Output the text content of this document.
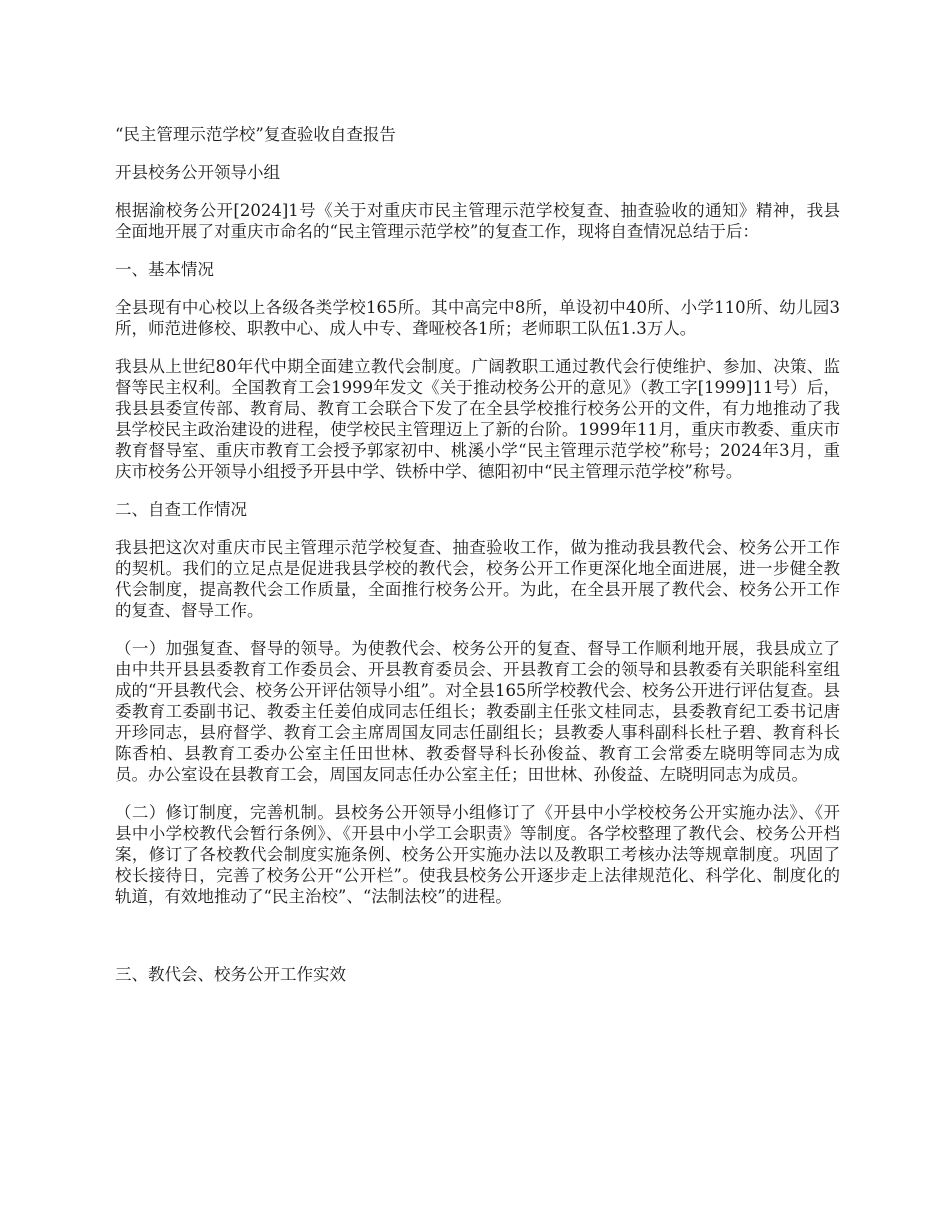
“民主管理示范学校”复查验收自查报告

开县校务公开领导小组

根据渝校务公开[2024]1号《关于对重庆市民主管理示范学校复查、抽查验收的通知》精神，我县全面地开展了对重庆市命名的“民主管理示范学校”的复查工作，现将自查情况总结于后：

一、基本情况

全县现有中心校以上各级各类学校165所。其中高完中8所，单设初中40所、小学110所、幼儿园3所，师范进修校、职教中心、成人中专、聋哑校各1所；老师职工队伍1.3万人。

我县从上世纪80年代中期全面建立教代会制度。广阔教职工通过教代会行使维护、参加、决策、监督等民主权利。全国教育工会1999年发文《关于推动校务公开的意见》（教工字[1999]11号）后，我县县委宣传部、教育局、教育工会联合下发了在全县学校推行校务公开的文件，有力地推动了我县学校民主政治建设的进程，使学校民主管理迈上了新的台阶。1999年11月，重庆市教委、重庆市教育督导室、重庆市教育工会授予郭家初中、桃溪小学“民主管理示范学校”称号；2024年3月，重庆市校务公开领导小组授予开县中学、铁桥中学、德阳初中“民主管理示范学校”称号。

二、自查工作情况

我县把这次对重庆市民主管理示范学校复查、抽查验收工作，做为推动我县教代会、校务公开工作的契机。我们的立足点是促进我县学校的教代会，校务公开工作更深化地全面进展，进一步健全教代会制度，提高教代会工作质量，全面推行校务公开。为此，在全县开展了教代会、校务公开工作的复查、督导工作。

（一）加强复查、督导的领导。为使教代会、校务公开的复查、督导工作顺利地开展，我县成立了由中共开县县委教育工作委员会、开县教育委员会、开县教育工会的领导和县教委有关职能科室组成的“开县教代会、校务公开评估领导小组”。对全县165所学校教代会、校务公开进行评估复查。县委教育工委副书记、教委主任姜伯成同志任组长；教委副主任张文桂同志，县委教育纪工委书记唐开珍同志，县府督学、教育工会主席周国友同志任副组长；县教委人事科副科长杜子碧、教育科长陈香柏、县教育工委办公室主任田世林、教委督导科长孙俊益、教育工会常委左晓明等同志为成员。办公室设在县教育工会，周国友同志任办公室主任；田世林、孙俊益、左晓明同志为成员。

（二）修订制度，完善机制。县校务公开领导小组修订了《开县中小学校校务公开实施办法》、《开县中小学校教代会暂行条例》、《开县中小学工会职责》等制度。各学校整理了教代会、校务公开档案，修订了各校教代会制度实施条例、校务公开实施办法以及教职工考核办法等规章制度。巩固了校长接待日，完善了校务公开“公开栏”。使我县校务公开逐步走上法律规范化、科学化、制度化的轨道，有效地推动了“民主治校”、“法制法校”的进程。

三、教代会、校务公开工作实效
